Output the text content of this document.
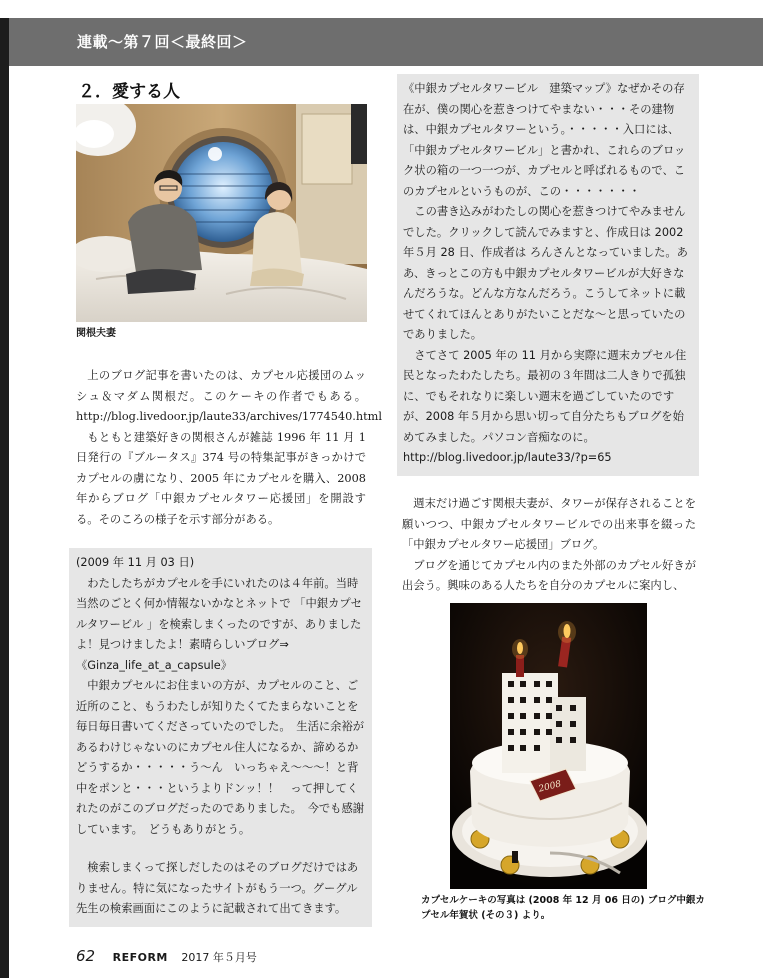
連載〜第７回＜最終回＞
２．愛する人
関根夫妻

上のブログ記事を書いたのは、カプセル応援団のムッシュ＆マダム関根だ。このケーキの作者でもある。http://blog.livedoor.jp/laute33/archives/1774540.html

もともと建築好きの関根さんが雑誌 1996 年 11 月 1 日発行の『ブルータス』374 号の特集記事がきっかけでカプセルの虜になり、2005 年にカプセルを購入、2008 年からブログ「中銀カプセルタワー応援団」を開設する。そのころの様子を示す部分がある。

(2009 年 11 月 03 日)

わたしたちがカプセルを手にいれたのは４年前。当時当然のごとく何か情報ないかなとネットで 「中銀カプセルタワービル 」を検索しまくったのですが、ありましたよ！見つけましたよ！素晴らしいブログ⇒《Ginza_life_at_a_capsule》

中銀カプセルにお住まいの方が、カプセルのこと、ご近所のこと、もうわたしが知りたくてたまらないことを毎日毎日書いてくださっていたのでした。　生活に余裕があるわけじゃないのにカプセル住人になるか、諦めるかどうするか・・・・・う〜ん　いっちゃえ〜〜〜！と背中をポンと・・・というよりドンッ！！　って押してくれたのがこのブログだったのでありました。　今でも感謝しています。　どうもありがとう。

検索しまくって探しだしたのはそのブログだけではありません。特に気になったサイトがもう一つ。グーグル先生の検索画面にこのように記載されて出てきます。

《中銀カプセルタワービル　建築マップ》なぜかその存在が、僕の関心を惹きつけてやまない・・・その建物は、中銀カプセルタワーという。・・・・・入口には、「中銀カプセルタワービル」と書かれ、これらのブロック状の箱の一つ一つが、カプセルと呼ばれるもので、このカプセルというものが、この・・・・・・・

この書き込みがわたしの関心を惹きつけてやみませんでした。クリックして読んでみますと、作成日は 2002 年５月 28 日、作成者は ろんさんとなっていました。ああ、きっとこの方も中銀カプセルタワービルが大好きなんだろうな。どんな方なんだろう。こうしてネットに載せてくれてほんとありがたいことだな〜と思っていたのでありました。

さてさて 2005 年の 11 月から実際に週末カプセル住民となったわたしたち。最初の３年間は二人きりで孤独に、でもそれなりに楽しい週末を過ごしていたのですが、2008 年５月から思い切って自分たちもブログを始めてみました。パソコン音痴なのに。

http://blog.livedoor.jp/laute33/?p=65

週末だけ過ごす関根夫妻が、タワーが保存されることを願いつつ、中銀カプセルタワービルでの出来事を綴った「中銀カプセルタワー応援団」ブログ。

ブログを通じてカプセル内のまた外部のカプセル好きが出会う。興味のある人たちを自分のカプセルに案内し、

2008
カプセルケーキの写真は (2008 年 12 月 06 日の) ブログ中銀カプセル年賀状 (その３) より。
62 REFORM 2017 年５月号
